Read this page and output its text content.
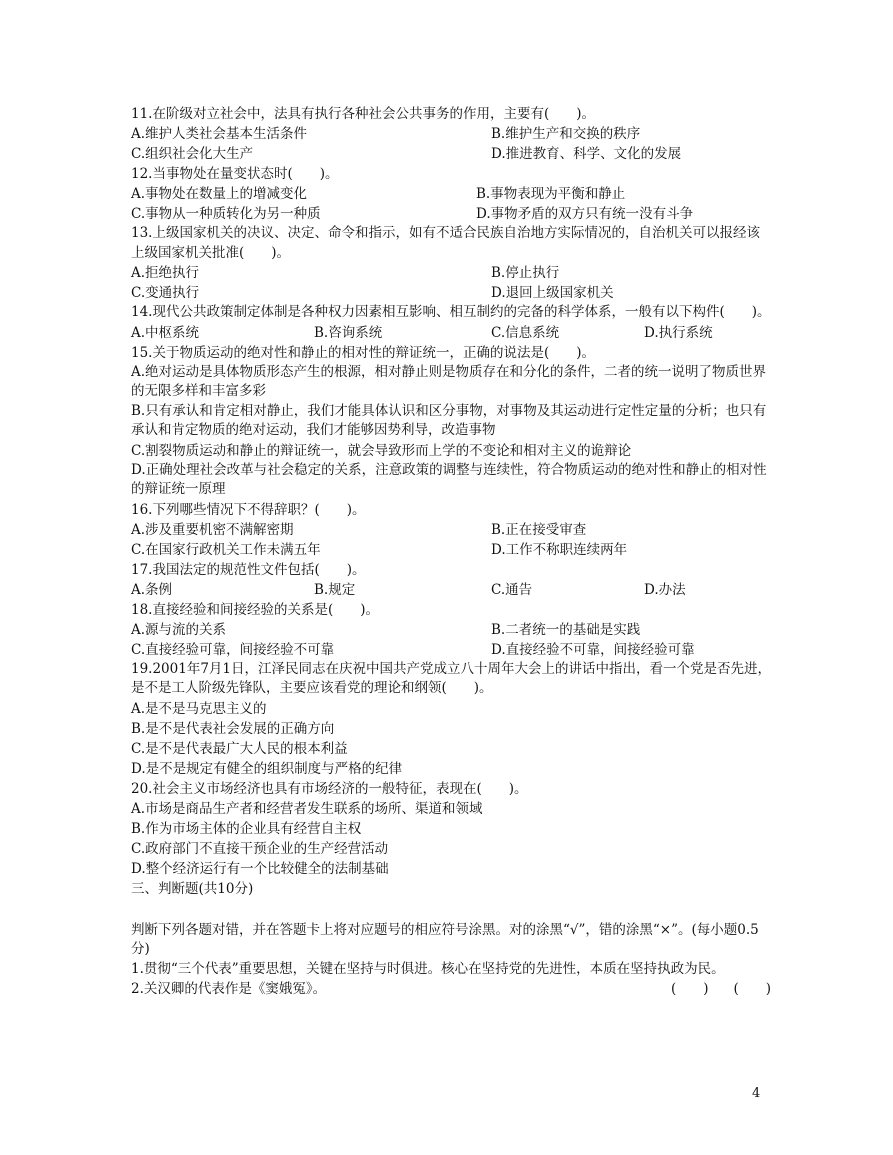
11.在阶级对立社会中，法具有执行各种社会公共事务的作用，主要有(　　)。
A.维护人类社会基本生活条件	B.维护生产和交换的秩序
C.组织社会化大生产	D.推进教育、科学、文化的发展
12.当事物处在量变状态时(　　)。
A.事物处在数量上的增减变化	B.事物表现为平衡和静止
C.事物从一种质转化为另一种质	D.事物矛盾的双方只有统一没有斗争
13.上级国家机关的决议、决定、命令和指示，如有不适合民族自治地方实际情况的，自治机关可以报经该上级国家机关批准(　　)。
A.拒绝执行	B.停止执行
C.变通执行	D.退回上级国家机关
14.现代公共政策制定体制是各种权力因素相互影响、相互制约的完备的科学体系，一般有以下构件(　　)。
A.中枢系统	B.咨询系统	C.信息系统	D.执行系统
15.关于物质运动的绝对性和静止的相对性的辩证统一，正确的说法是(　　)。
A.绝对运动是具体物质形态产生的根源，相对静止则是物质存在和分化的条件，二者的统一说明了物质世界的无限多样和丰富多彩
B.只有承认和肯定相对静止，我们才能具体认识和区分事物，对事物及其运动进行定性定量的分析；也只有承认和肯定物质的绝对运动，我们才能够因势利导，改造事物
C.割裂物质运动和静止的辩证统一，就会导致形而上学的不变论和相对主义的诡辩论
D.正确处理社会改革与社会稳定的关系，注意政策的调整与连续性，符合物质运动的绝对性和静止的相对性的辩证统一原理
16.下列哪些情况下不得辞职？(　　)。
A.涉及重要机密不满解密期	B.正在接受审查
C.在国家行政机关工作未满五年	D.工作不称职连续两年
17.我国法定的规范性文件包括(　　)。
A.条例	B.规定	C.通告	D.办法
18.直接经验和间接经验的关系是(　　)。
A.源与流的关系	B.二者统一的基础是实践
C.直接经验可靠，间接经验不可靠	D.直接经验不可靠，间接经验可靠
19.2001年7月1日，江泽民同志在庆祝中国共产党成立八十周年大会上的讲话中指出，看一个党是否先进，是不是工人阶级先锋队，主要应该看党的理论和纲领(　　)。
A.是不是马克思主义的
B.是不是代表社会发展的正确方向
C.是不是代表最广大人民的根本利益
D.是不是规定有健全的组织制度与严格的纪律
20.社会主义市场经济也具有市场经济的一般特征，表现在(　　)。
A.市场是商品生产者和经营者发生联系的场所、渠道和领域
B.作为市场主体的企业具有经营自主权
C.政府部门不直接干预企业的生产经营活动
D.整个经济运行有一个比较健全的法制基础
三、判断题(共10分)
判断下列各题对错，并在答题卡上将对应题号的相应符号涂黑。对的涂黑“√”，错的涂黑“×”。(每小题0.5分)
1.贯彻“三个代表”重要思想，关键在坚持与时俱进。核心在坚持党的先进性，本质在坚持执政为民。
(　　)
2.关汉卿的代表作是《窦娥冤》。	(　　)
4
